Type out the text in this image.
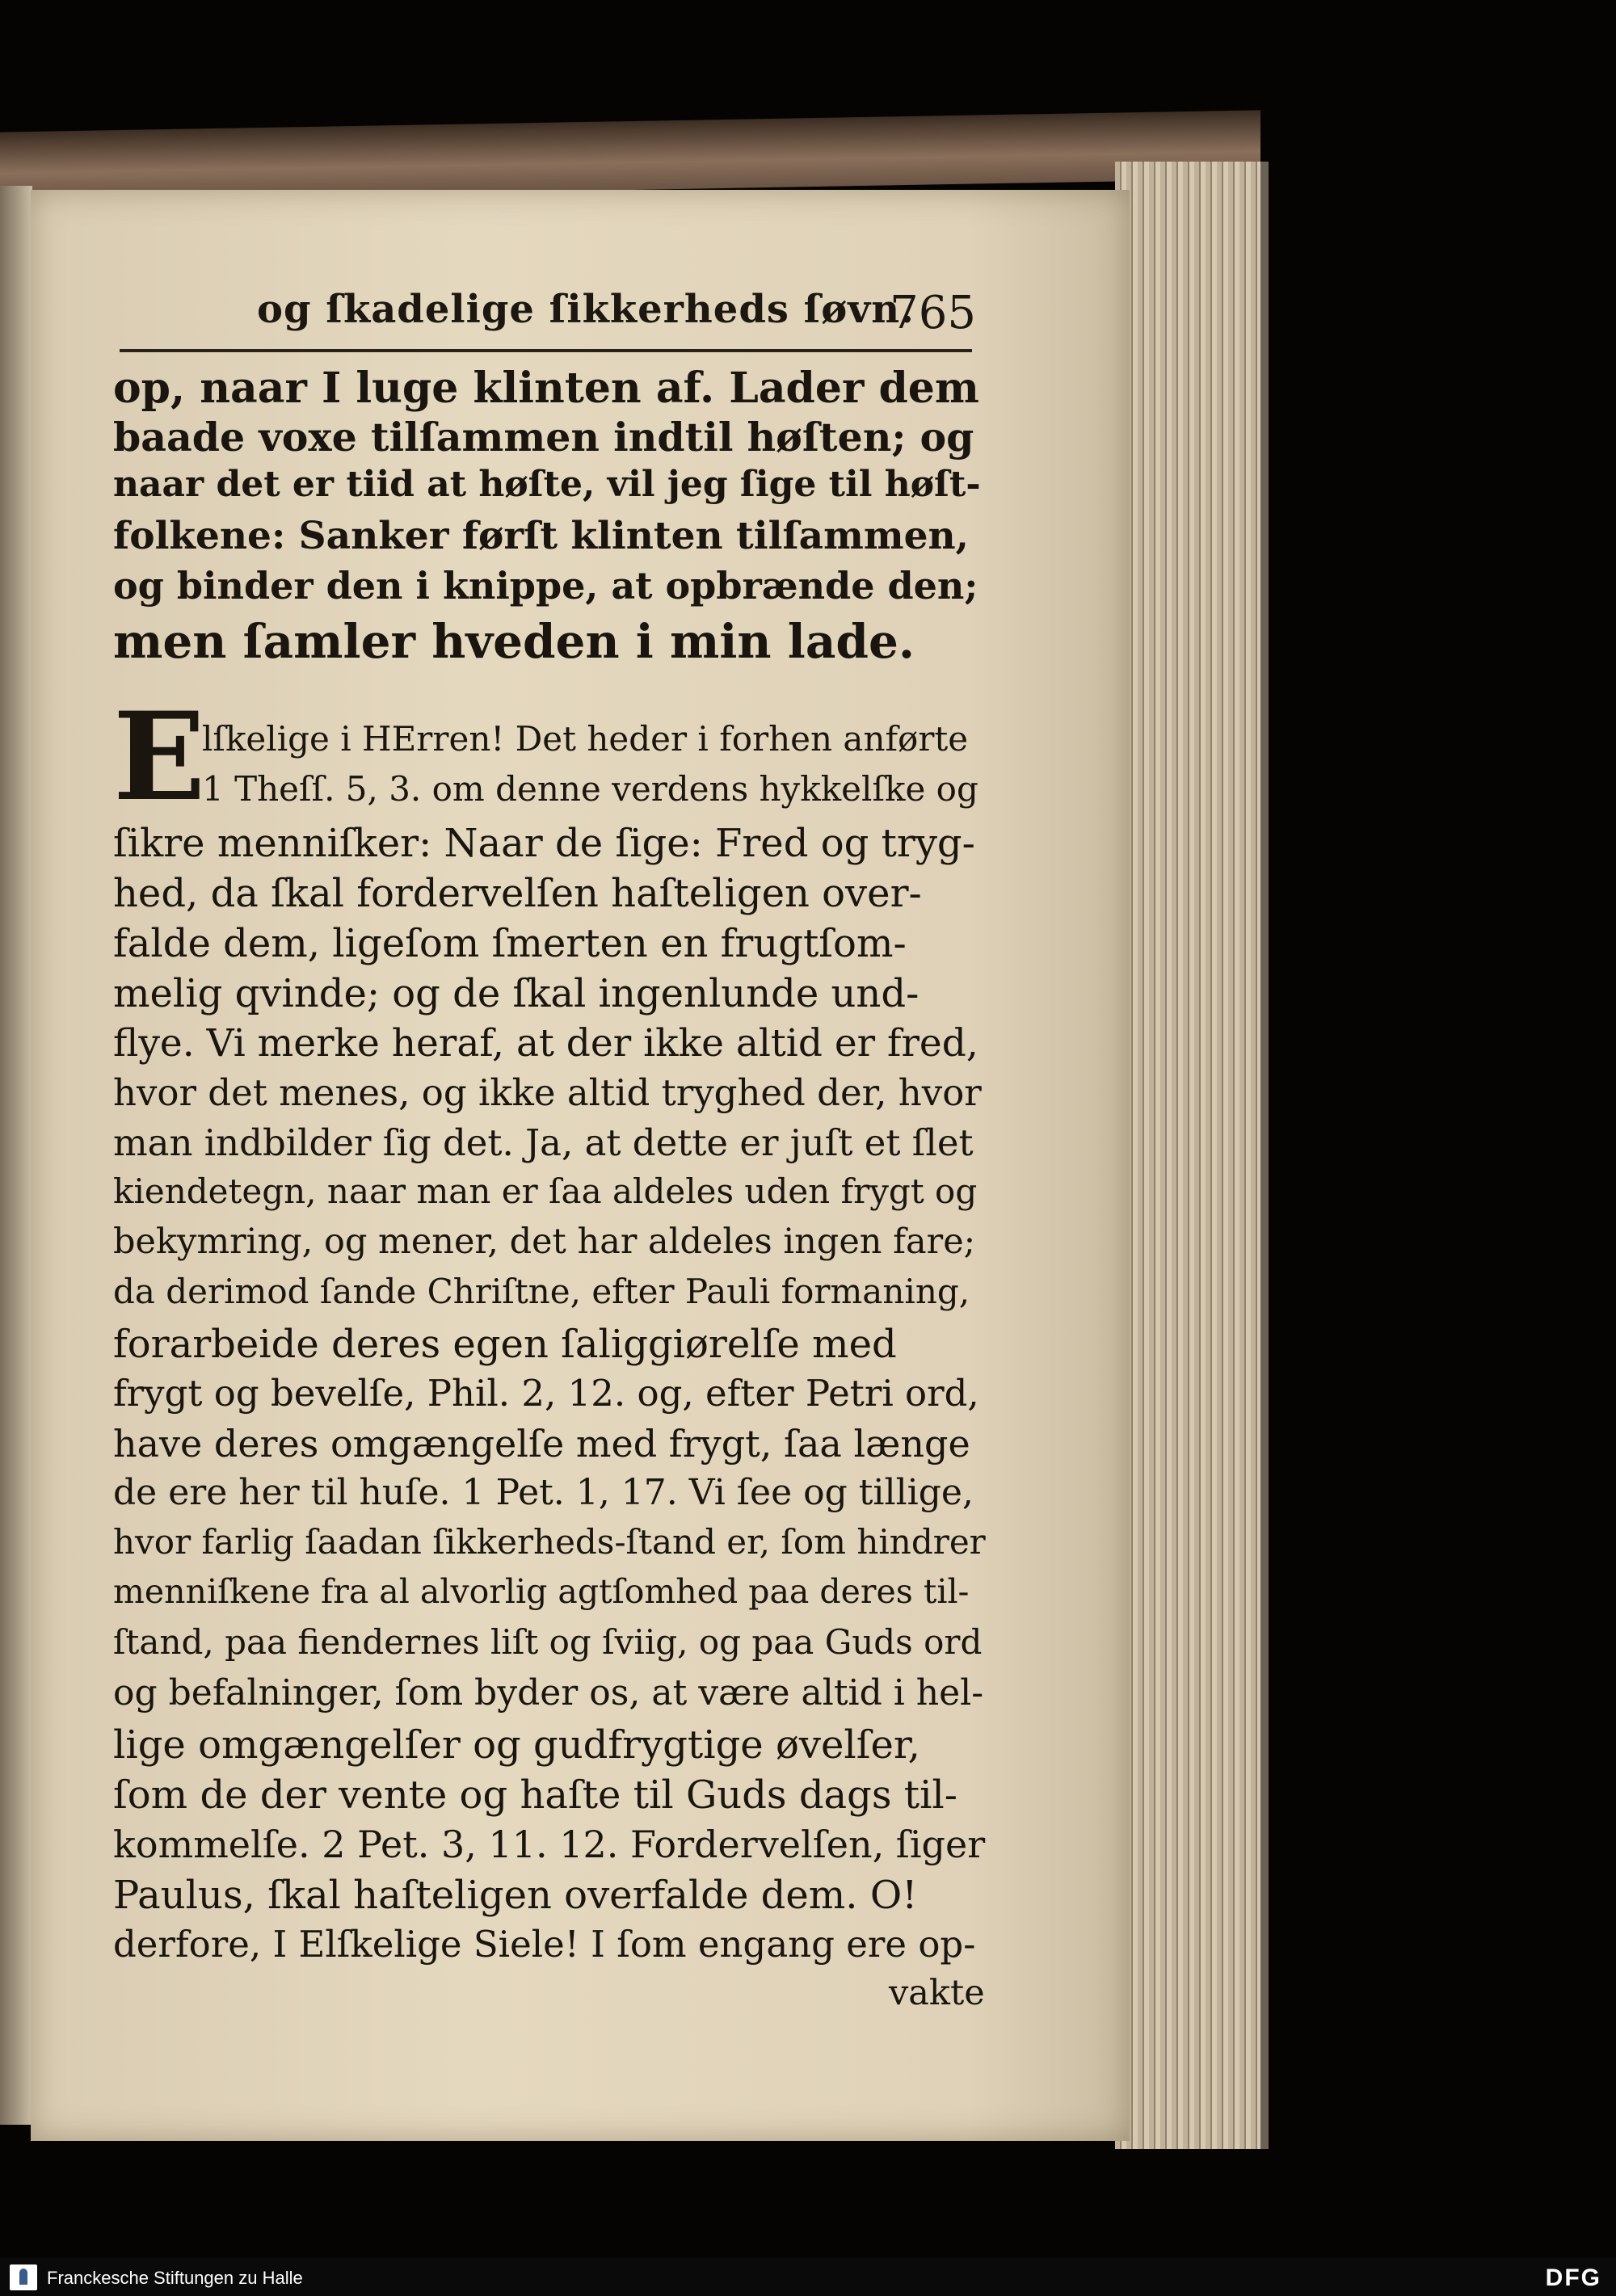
og ſkadelige ſikkerheds ſøvn.
765
E
op, naar I luge klinten af. Lader dem
baade voxe tilſammen indtil høſten; og
naar det er tiid at høſte, vil jeg ſige til høſt-
folkene: Sanker førſt klinten tilſammen,
og binder den i knippe, at opbrænde den;
men ſamler hveden i min lade.
lſkelige i HErren! Det heder i forhen anførte
1 Theſſ. 5, 3. om denne verdens hykkelſke og
ſikre menniſker: Naar de ſige: Fred og tryg-
hed, da ſkal fordervelſen haſteligen over-
falde dem, ligeſom ſmerten en frugtſom-
melig qvinde; og de ſkal ingenlunde und-
flye. Vi merke heraf, at der ikke altid er fred,
hvor det menes, og ikke altid tryghed der, hvor
man indbilder ſig det. Ja, at dette er juſt et ſlet
kiendetegn, naar man er ſaa aldeles uden frygt og
bekymring, og mener, det har aldeles ingen fare;
da derimod ſande Chriſtne, efter Pauli formaning,
forarbeide deres egen ſaliggiørelſe med
frygt og bevelſe, Phil. 2, 12. og, efter Petri ord,
have deres omgængelſe med frygt, ſaa længe
de ere her til huſe. 1 Pet. 1, 17. Vi ſee og tillige,
hvor farlig ſaadan ſikkerheds-ſtand er, ſom hindrer
menniſkene fra al alvorlig agtſomhed paa deres til-
ſtand, paa fiendernes liſt og ſviig, og paa Guds ord
og befalninger, ſom byder os, at være altid i hel-
lige omgængelſer og gudfrygtige øvelſer,
ſom de der vente og haſte til Guds dags til-
kommelſe. 2 Pet. 3, 11. 12. Fordervelſen, ſiger
Paulus, ſkal haſteligen overfalde dem. O!
derfore, I Elſkelige Siele! I ſom engang ere op-
vakte
Franckesche Stiftungen zu Halle	DFG
